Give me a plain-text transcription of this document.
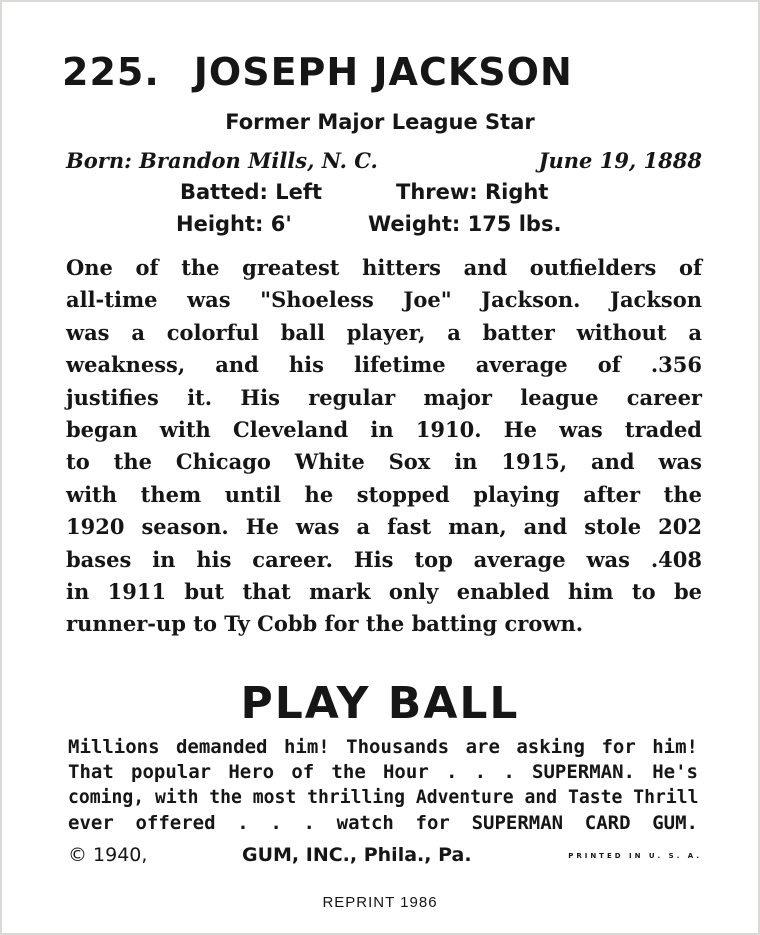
225. JOSEPH JACKSON
Former Major League Star
Born: Brandon Mills, N. C.	June 19, 1888
Batted: Left	Threw: Right
Height: 6'	Weight: 175 lbs.
One of the greatest hitters and outfielders of
all-time was "Shoeless Joe" Jackson. Jackson
was a colorful ball player, a batter without a
weakness, and his lifetime average of .356
justifies it. His regular major league career
began with Cleveland in 1910. He was traded
to the Chicago White Sox in 1915, and was
with them until he stopped playing after the
1920 season. He was a fast man, and stole 202
bases in his career. His top average was .408
in 1911 but that mark only enabled him to be
runner-up to Ty Cobb for the batting crown.
PLAY BALL
Millions demanded him! Thousands are asking for him!
That popular Hero of the Hour . . . SUPERMAN. He's
coming, with the most thrilling Adventure and Taste Thrill
ever offered . . . watch for SUPERMAN CARD GUM.
© 1940,	GUM, INC., Phila., Pa.	PRINTED IN U. S. A.
REPRINT 1986
